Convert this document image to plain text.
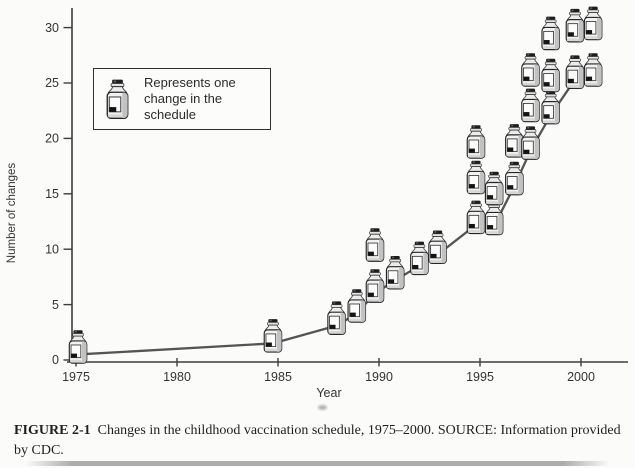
0
5
10
15
20
25
30
1975	1980	1985	1990	1995	2000
Number of changes
Year
Represents one change in the schedule
FIGURE 2-1 Changes in the childhood vaccination schedule, 1975–2000. SOURCE: Information provided by CDC.
